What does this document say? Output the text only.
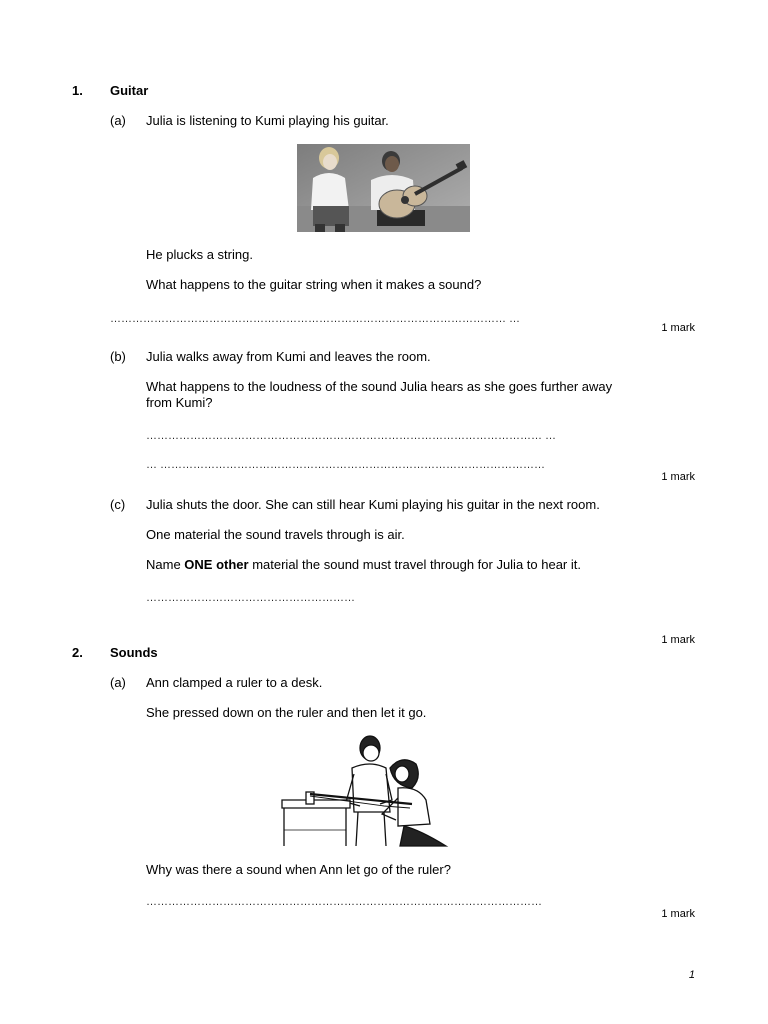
1. Guitar
(a) Julia is listening to Kumi playing his guitar.
He plucks a string.
What happens to the guitar string when it makes a sound?
……………………………………………………………………………………………… …
1 mark
(b) Julia walks away from Kumi and leaves the room.
What happens to the loudness of the sound Julia hears as she goes further away
from Kumi?
……………………………………………………………………………………………… …
… ……………………………………………………………………………………………
1 mark
(c) Julia shuts the door. She can still hear Kumi playing his guitar in the next room.
One material the sound travels through is air.
Name ONE other material the sound must travel through for Julia to hear it.
…………………………………………………
1 mark
2. Sounds
(a) Ann clamped a ruler to a desk.
She pressed down on the ruler and then let it go.
Why was there a sound when Ann let go of the ruler?
………………………………………………………………………………………………
1 mark
1
